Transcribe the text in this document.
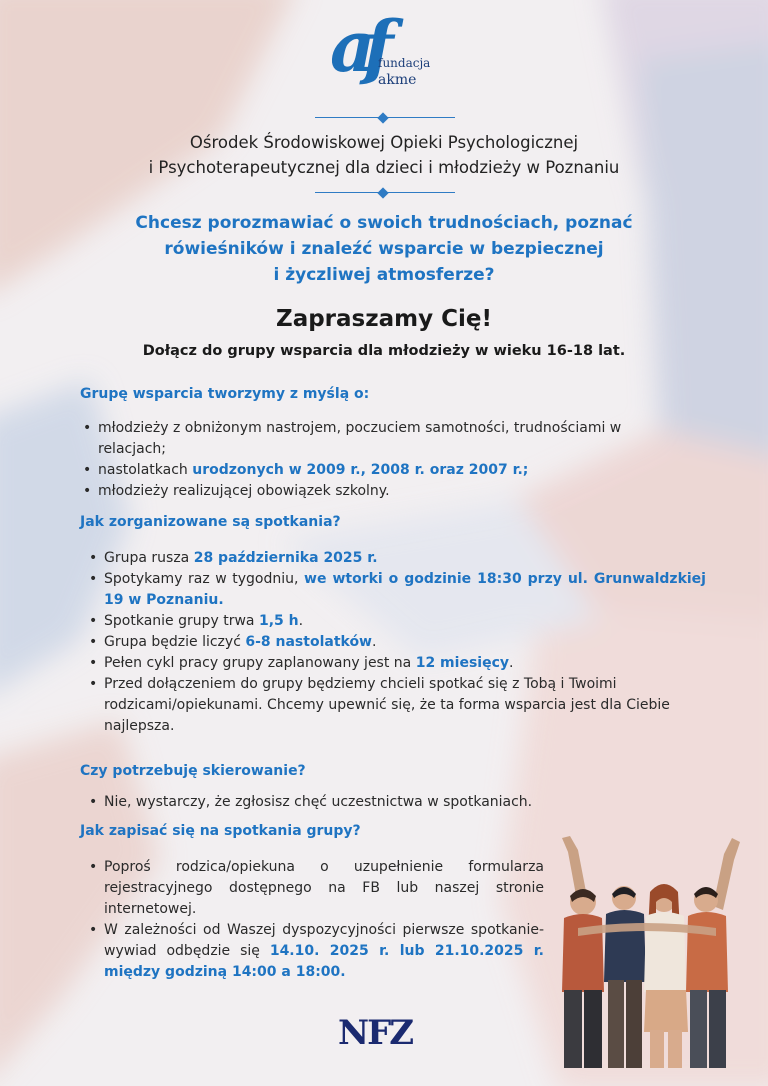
af
fundacja
akme
Ośrodek Środowiskowej Opieki Psychologicznej
i Psychoterapeutycznej dla dzieci i młodzieży w Poznaniu
Chcesz porozmawiać o swoich trudnościach, poznać
rówieśników i znaleźć wsparcie w bezpiecznej
i życzliwej atmosferze?
Zapraszamy Cię!
Dołącz do grupy wsparcia dla młodzieży w wieku 16-18 lat.
Grupę wsparcia tworzymy z myślą o:
• młodzieży z obniżonym nastrojem, poczuciem samotności, trudnościami w relacjach;
• nastolatkach urodzonych w 2009 r., 2008 r. oraz 2007 r.;
• młodzieży realizującej obowiązek szkolny.
Jak zorganizowane są spotkania?
• Grupa rusza 28 października 2025 r.
• Spotykamy raz w tygodniu, we wtorki o godzinie 18:30 przy ul. Grunwaldzkiej 19 w Poznaniu.
• Spotkanie grupy trwa 1,5 h.
• Grupa będzie liczyć 6-8 nastolatków.
• Pełen cykl pracy grupy zaplanowany jest na 12 miesięcy.
• Przed dołączeniem do grupy będziemy chcieli spotkać się z Tobą i Twoimi rodzicami/opiekunami. Chcemy upewnić się, że ta forma wsparcia jest dla Ciebie najlepsza.
Czy potrzebuję skierowanie?
• Nie, wystarczy, że zgłosisz chęć uczestnictwa w spotkaniach.
Jak zapisać się na spotkania grupy?
• Poproś rodzica/opiekuna o uzupełnienie formularza rejestracyjnego dostępnego na FB lub naszej stronie internetowej.
• W zależności od Waszej dyspozycyjności pierwsze spotkanie-wywiad odbędzie się 14.10. 2025 r. lub 21.10.2025 r. między godziną 14:00 a 18:00.
NFZ
